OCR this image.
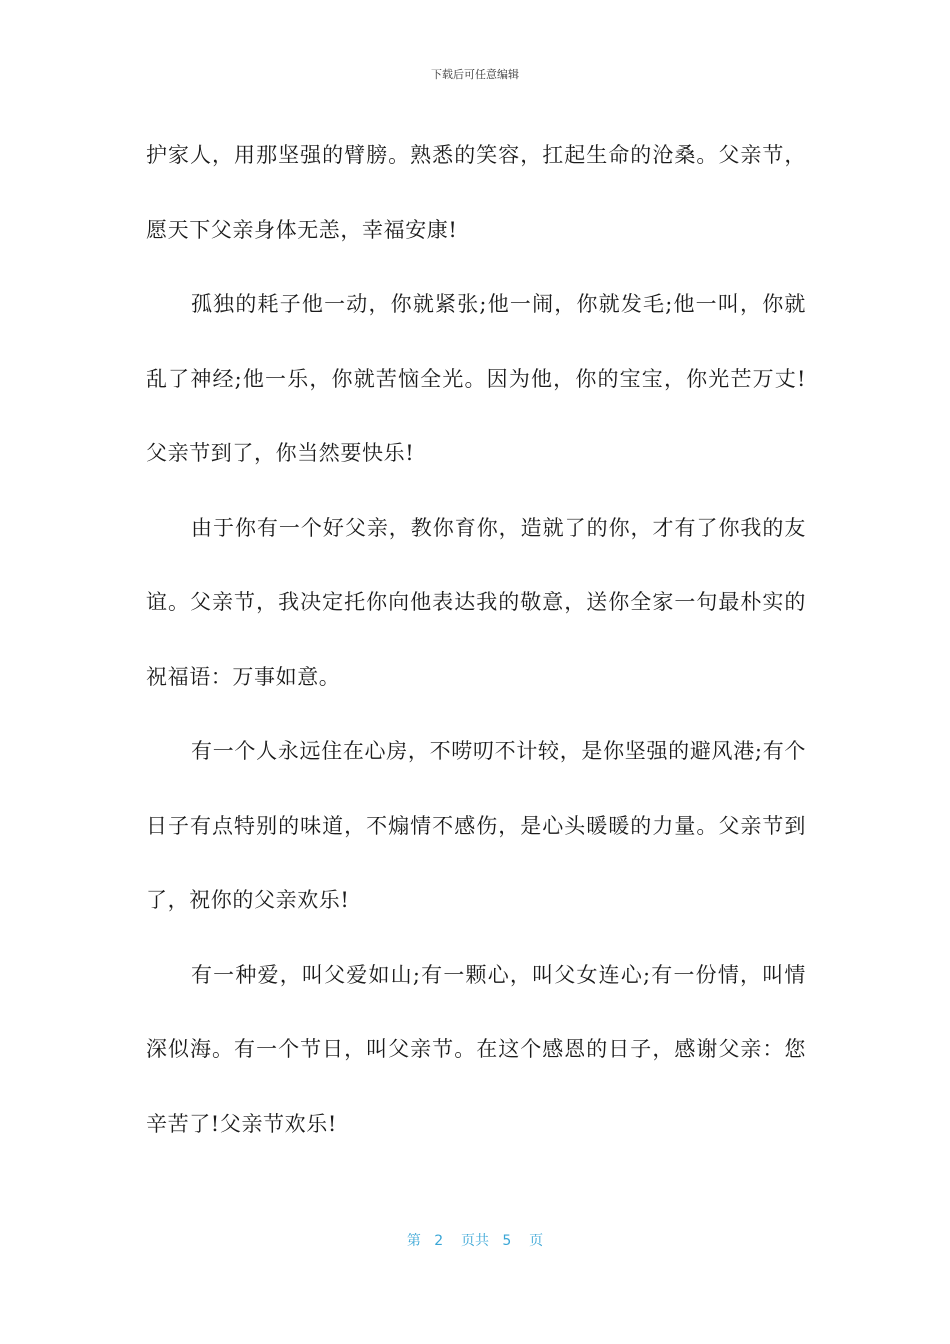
下载后可任意编辑

护家人，用那坚强的臂膀。熟悉的笑容，扛起生命的沧桑。父亲节，愿天下父亲身体无恙，幸福安康!

孤独的耗子他一动，你就紧张;他一闹，你就发毛;他一叫，你就乱了神经;他一乐，你就苦恼全光。因为他，你的宝宝，你光芒万丈!父亲节到了，你当然要快乐!

由于你有一个好父亲，教你育你，造就了的你，才有了你我的友谊。父亲节，我决定托你向他表达我的敬意，送你全家一句最朴实的祝福语：万事如意。

有一个人永远住在心房，不唠叨不计较，是你坚强的避风港;有个日子有点特别的味道，不煽情不感伤，是心头暖暖的力量。父亲节到了，祝你的父亲欢乐!

有一种爱，叫父爱如山;有一颗心，叫父女连心;有一份情，叫情深似海。有一个节日，叫父亲节。在这个感恩的日子，感谢父亲：您辛苦了!父亲节欢乐!

第 2 页共 5 页
